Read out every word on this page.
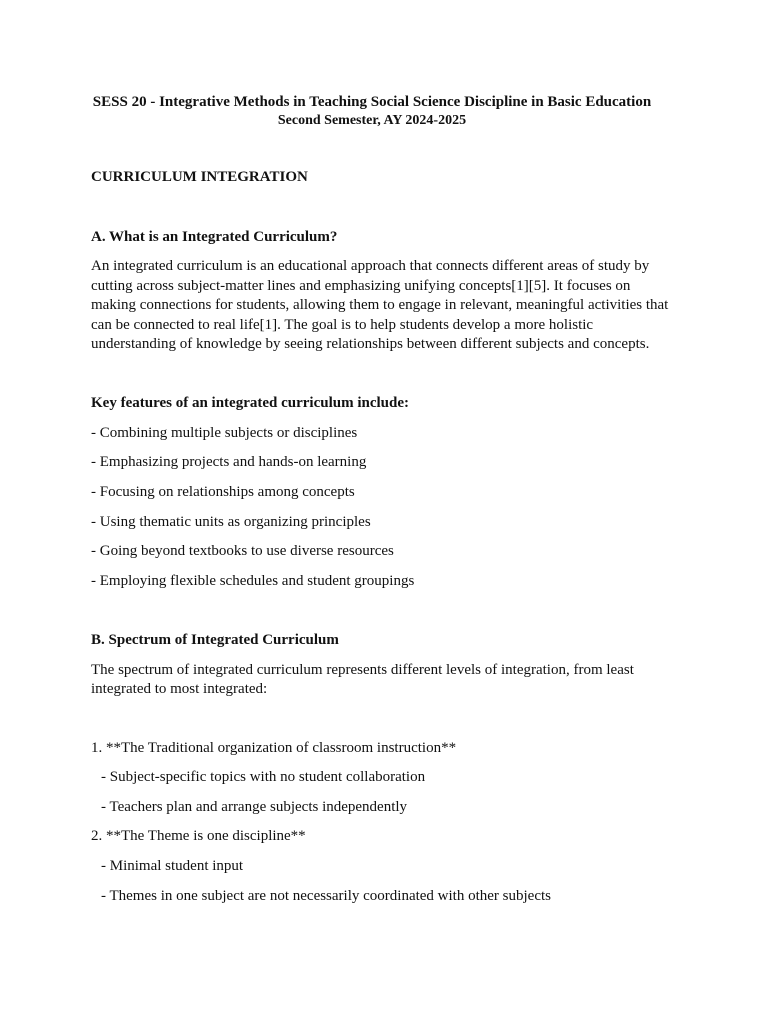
SESS 20 - Integrative Methods in Teaching Social Science Discipline in Basic Education
Second Semester, AY 2024-2025
CURRICULUM INTEGRATION
A. What is an Integrated Curriculum?
An integrated curriculum is an educational approach that connects different areas of study by
cutting across subject-matter lines and emphasizing unifying concepts[1][5]. It focuses on
making connections for students, allowing them to engage in relevant, meaningful activities that
can be connected to real life[1]. The goal is to help students develop a more holistic
understanding of knowledge by seeing relationships between different subjects and concepts.
Key features of an integrated curriculum include:
- Combining multiple subjects or disciplines
- Emphasizing projects and hands-on learning
- Focusing on relationships among concepts
- Using thematic units as organizing principles
- Going beyond textbooks to use diverse resources
- Employing flexible schedules and student groupings
B. Spectrum of Integrated Curriculum
The spectrum of integrated curriculum represents different levels of integration, from least
integrated to most integrated:
1. **The Traditional organization of classroom instruction**
- Subject-specific topics with no student collaboration
- Teachers plan and arrange subjects independently
2. **The Theme is one discipline**
- Minimal student input
- Themes in one subject are not necessarily coordinated with other subjects
